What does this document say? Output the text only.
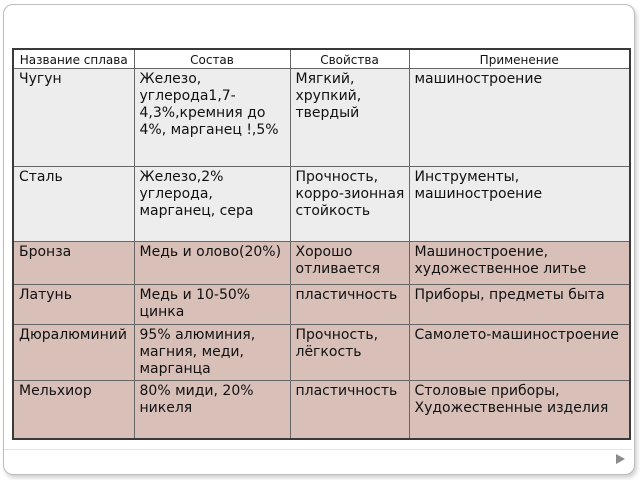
Название сплава	Состав	Свойства	Применение
Чугун	Железо, углерода1,7-4,3%,кремния до 4%, марганец !,5%	Мягкий, хрупкий, твердый	машиностроение
Сталь	Железо,2% углерода, марганец, сера	Прочность, корро-зионная стойкость	Инструменты, машиностроение
Бронза	Медь и олово(20%)	Хорошо отливается	Машиностроение, художественное литье
Латунь	Медь и 10-50% цинка	пластичность	Приборы, предметы быта
Дюралюминий	95% алюминия, магния, меди, марганца	Прочность, лёгкость	Самолето-машиностроение
Мельхиор	80% миди, 20% никеля	пластичность	Столовые приборы, Художественные изделия
